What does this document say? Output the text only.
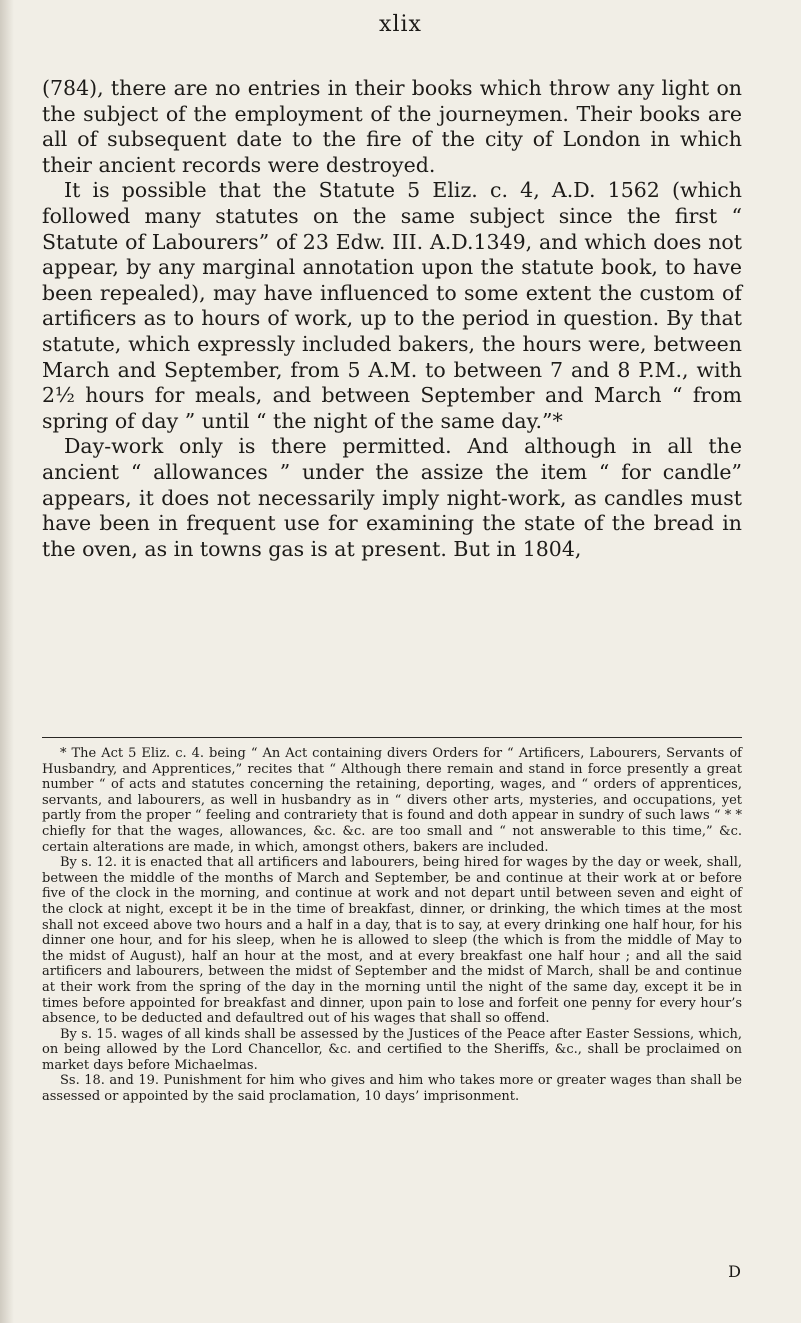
xlix

(784), there are no entries in their books which throw any light on the subject of the employment of the journeymen. Their books are all of subsequent date to the fire of the city of London in which their ancient records were destroyed.

It is possible that the Statute 5 Eliz. c. 4, A.D. 1562 (which followed many statutes on the same subject since the first “ Statute of Labourers” of 23 Edw. III. A.D.1349, and which does not appear, by any marginal annotation upon the statute book, to have been repealed), may have influenced to some extent the custom of artificers as to hours of work, up to the period in question. By that statute, which expressly included bakers, the hours were, between March and September, from 5 A.M. to between 7 and 8 P.M., with 2½ hours for meals, and between September and March “ from spring of day ” until “ the night of the same day.”*

Day-work only is there permitted. And although in all the ancient “ allowances ” under the assize the item “ for candle” appears, it does not necessarily imply night-work, as candles must have been in frequent use for examining the state of the bread in the oven, as in towns gas is at present. But in 1804,

* The Act 5 Eliz. c. 4. being “ An Act containing divers Orders for “ Artificers, Labourers, Servants of Husbandry, and Apprentices,” recites that “ Although there remain and stand in force presently a great number “ of acts and statutes concerning the retaining, deporting, wages, and “ orders of apprentices, servants, and labourers, as well in husbandry as in “ divers other arts, mysteries, and occupations, yet partly from the proper “ feeling and contrariety that is found and doth appear in sundry of such laws “ * * chiefly for that the wages, allowances, &c. &c. are too small and “ not answerable to this time,” &c. certain alterations are made, in which, amongst others, bakers are included.

By s. 12. it is enacted that all artificers and labourers, being hired for wages by the day or week, shall, between the middle of the months of March and September, be and continue at their work at or before five of the clock in the morning, and continue at work and not depart until between seven and eight of the clock at night, except it be in the time of breakfast, dinner, or drinking, the which times at the most shall not exceed above two hours and a half in a day, that is to say, at every drinking one half hour, for his dinner one hour, and for his sleep, when he is allowed to sleep (the which is from the middle of May to the midst of August), half an hour at the most, and at every breakfast one half hour ; and all the said artificers and labourers, between the midst of September and the midst of March, shall be and continue at their work from the spring of the day in the morning until the night of the same day, except it be in times before appointed for breakfast and dinner, upon pain to lose and forfeit one penny for every hour’s absence, to be deducted and defaultred out of his wages that shall so offend.

By s. 15. wages of all kinds shall be assessed by the Justices of the Peace after Easter Sessions, which, on being allowed by the Lord Chancellor, &c. and certified to the Sheriffs, &c., shall be proclaimed on market days before Michaelmas.

Ss. 18. and 19. Punishment for him who gives and him who takes more or greater wages than shall be assessed or appointed by the said proclamation, 10 days’ imprisonment.

D
